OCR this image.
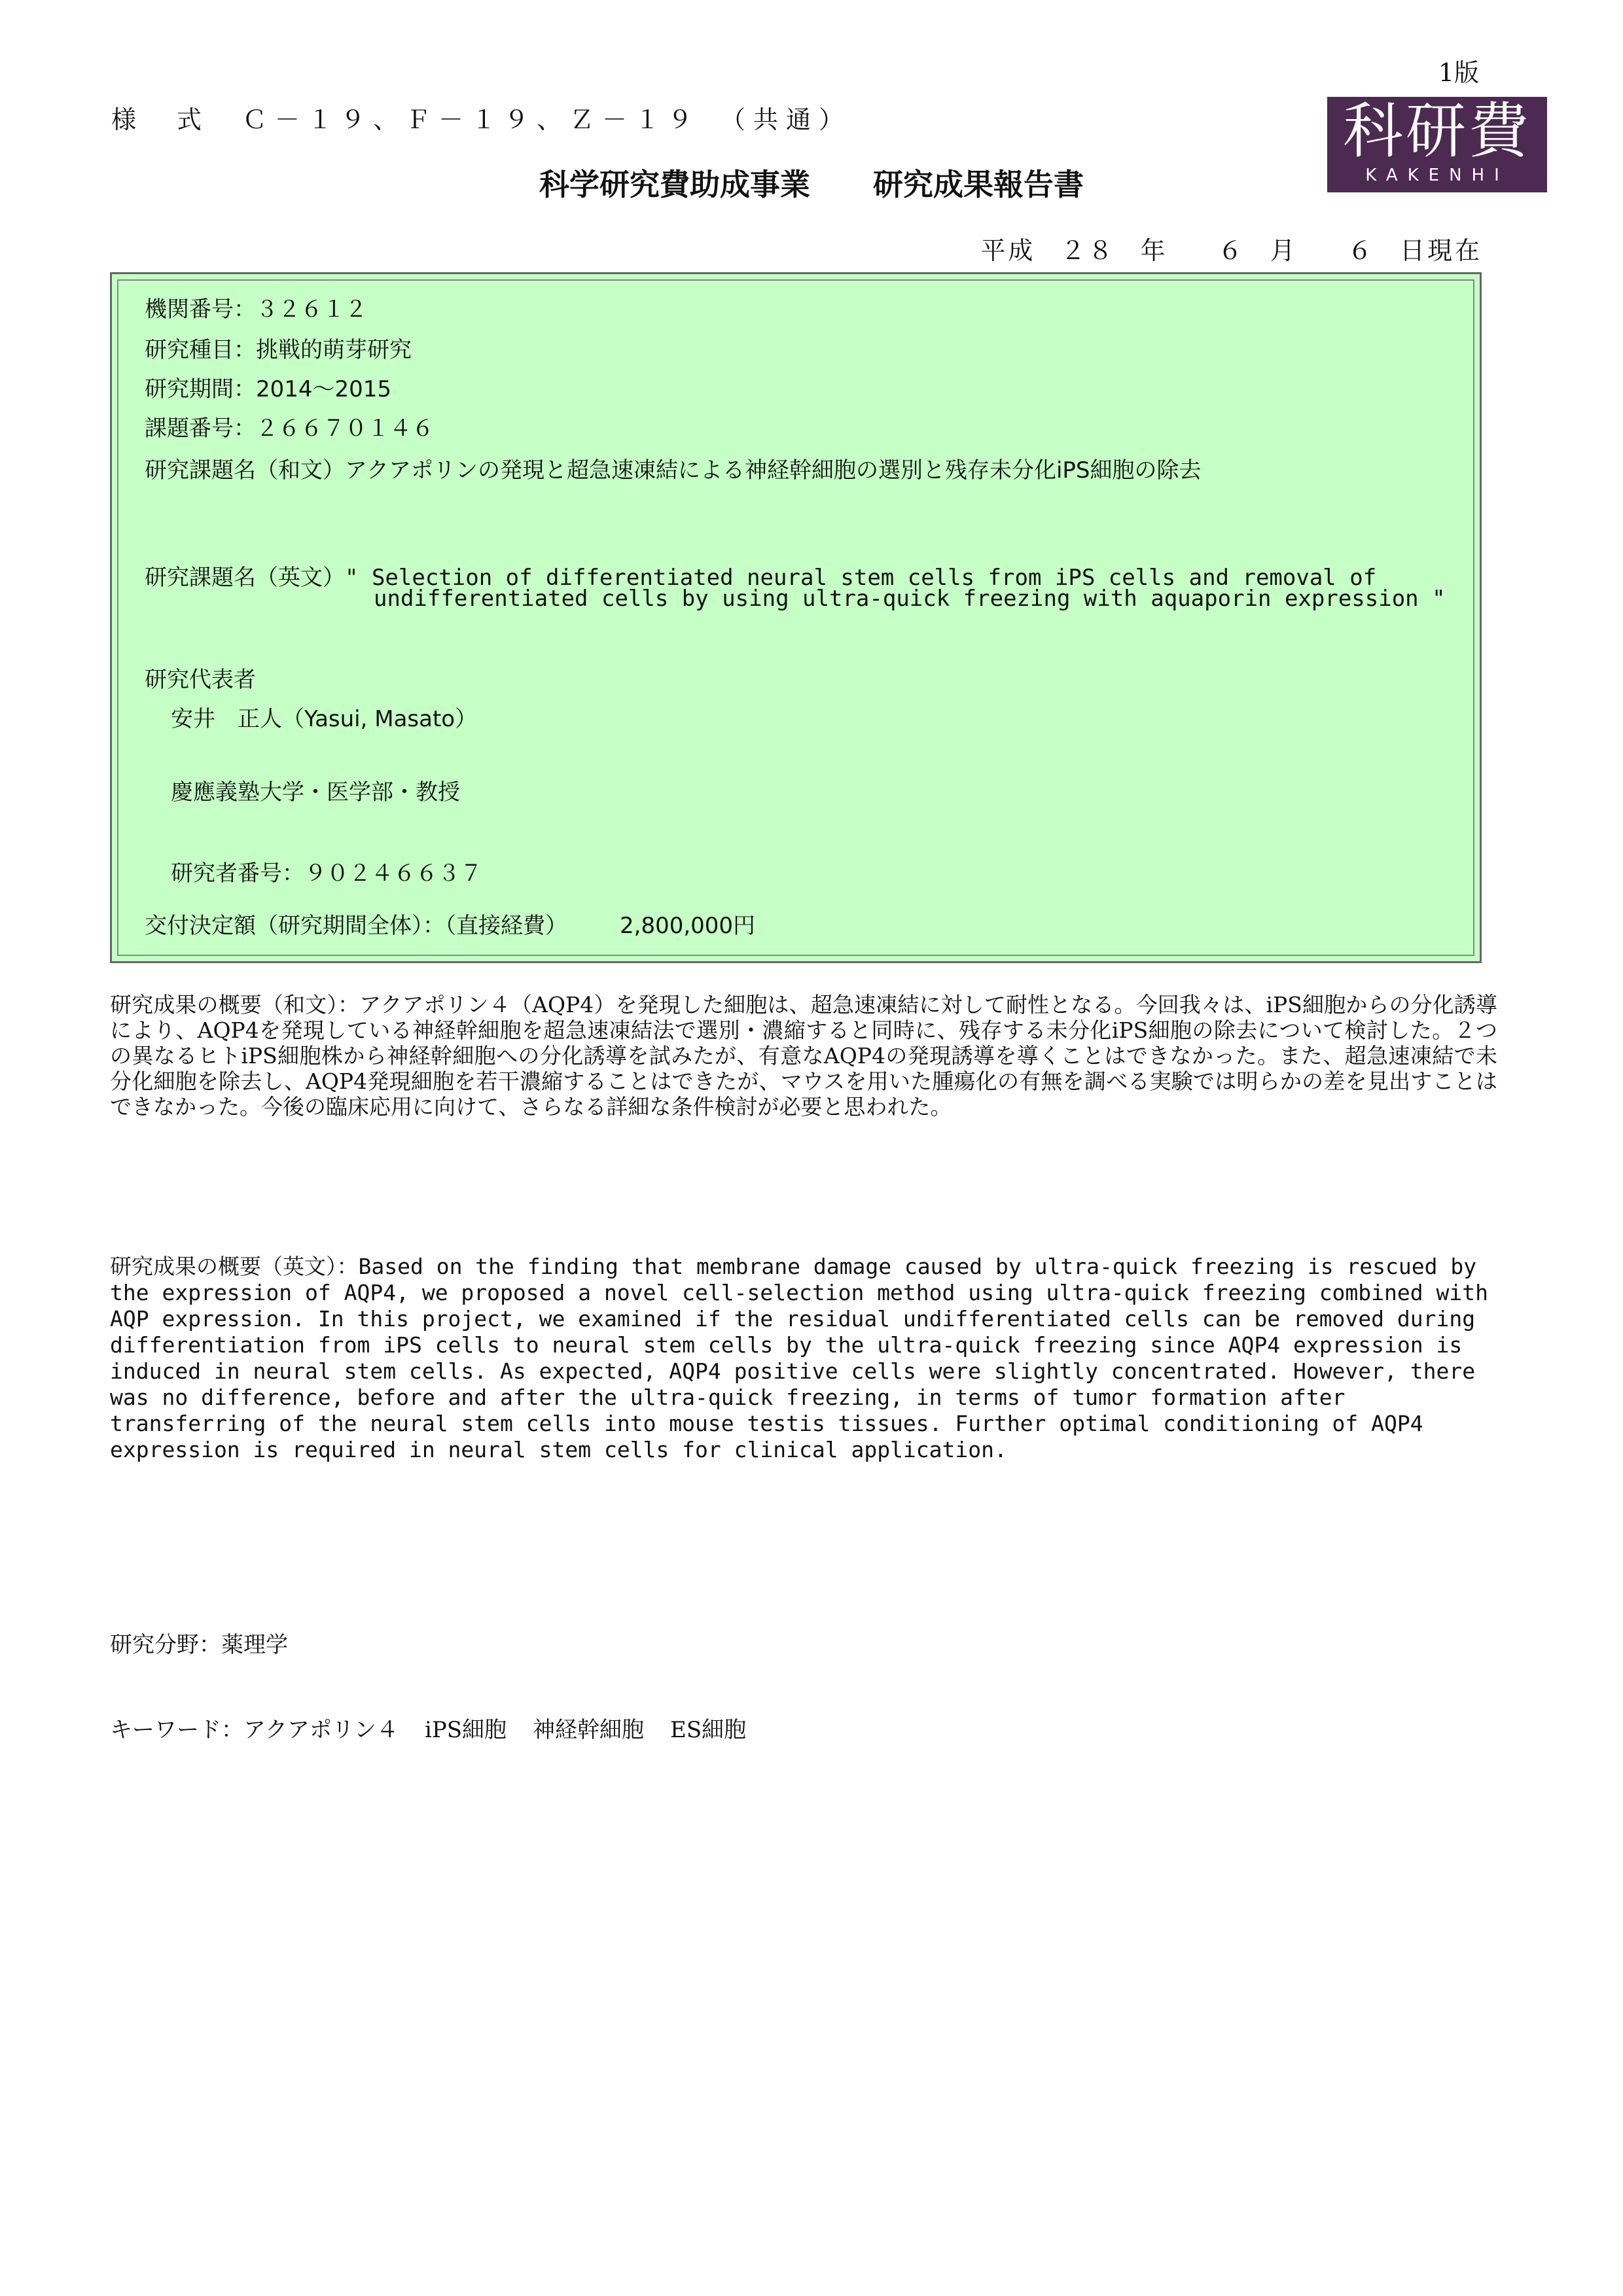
1版
様　式　Ｃ－１９、Ｆ－１９、Ｚ－１９　（共通）	科研費
KAKENHI
科学研究費助成事業 研究成果報告書
平成 ２８ 年 ６ 月 ６ 日現在
機関番号：３２６１２
研究種目：挑戦的萌芽研究
研究期間：2014～2015
課題番号：２６６７０１４６
研究課題名（和文）アクアポリンの発現と超急速凍結による神経幹細胞の選別と残存未分化iPS細胞の除去
研究課題名（英文）" Selection of differentiated neural stem cells from iPS cells and removal of
undifferentiated cells by using ultra-quick freezing with aquaporin expression "
研究代表者
安井　正人（Yasui, Masato）
慶應義塾大学・医学部・教授
研究者番号：９０２４６６３７
交付決定額（研究期間全体）：（直接経費） 2,800,000円
研究成果の概要（和文）：アクアポリン４（AQP4）を発現した細胞は、超急速凍結に対して耐性となる。今回我々は、iPS細胞からの分化誘導により、AQP4を発現している神経幹細胞を超急速凍結法で選別・濃縮すると同時に、残存する未分化iPS細胞の除去について検討した。２つの異なるヒトiPS細胞株から神経幹細胞への分化誘導を試みたが、有意なAQP4の発現誘導を導くことはできなかった。また、超急速凍結で未分化細胞を除去し、AQP4発現細胞を若干濃縮することはできたが、マウスを用いた腫瘍化の有無を調べる実験では明らかの差を見出すことはできなかった。今後の臨床応用に向けて、さらなる詳細な条件検討が必要と思われた。
研究成果の概要（英文）：Based on the finding that membrane damage caused by ultra-quick freezing is rescued by the expression of AQP4, we proposed a novel cell-selection method using ultra-quick freezing combined with AQP expression. In this project, we examined if the residual undifferentiated cells can be removed during differentiation from iPS cells to neural stem cells by the ultra-quick freezing since AQP4 expression is induced in neural stem cells. As expected, AQP4 positive cells were slightly concentrated. However, there was no difference, before and after the ultra-quick freezing, in terms of tumor formation after transferring of the neural stem cells into mouse testis tissues. Further optimal conditioning of AQP4 expression is required in neural stem cells for clinical application.
研究分野：薬理学
キーワード：アクアポリン４ iPS細胞 神経幹細胞 ES細胞
